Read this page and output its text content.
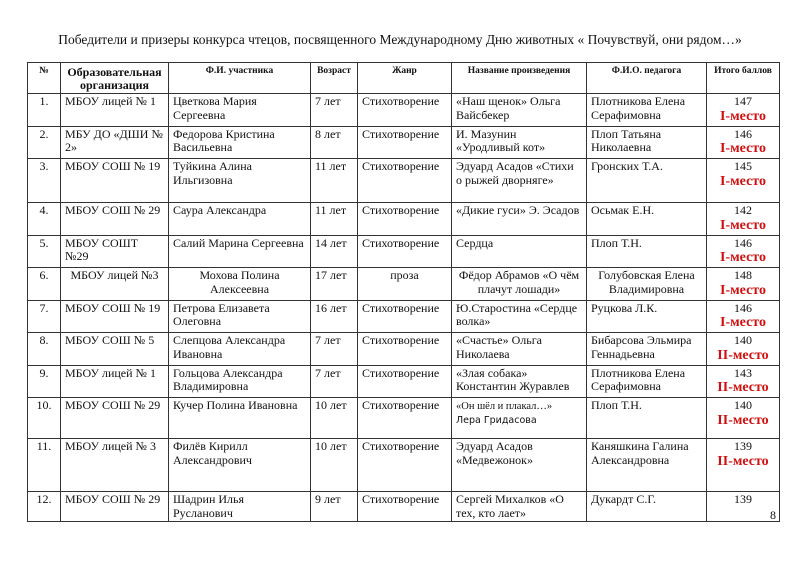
Победители и призеры конкурса чтецов, посвященного Международному Дню животных « Почувствуй, они рядом…»
№	Образовательная организация	Ф.И. участника	Возраст	Жанр	Название произведения	Ф.И.О. педагога	Итого баллов
1.	МБОУ лицей № 1	Цветкова Мария Сергеевна	7 лет	Стихотворение	«Наш щенок» Ольга Вайсбекер	Плотникова Елена Серафимовна	147
I-место

2.	МБУ ДО «ДШИ № 2»	Федорова Кристина Васильевна	8 лет	Стихотворение	И. Мазунин «Уродливый кот»	Плоп Татьяна Николаевна	146
I-место

3.	МБОУ СОШ № 19	Туйкина Алина Ильгизовна	11 лет	Стихотворение	Эдуард Асадов «Стихи о рыжей дворняге»	Гронских Т.А.	145
I-место

4.	МБОУ СОШ № 29	Саура Александра	11 лет	Стихотворение	«Дикие гуси» Э. Эсадов	Осьмак Е.Н.	142
I-место

5.	МБОУ СОШТ №29	Салий Марина Сергеевна	14 лет	Стихотворение	Сердца	Плоп Т.Н.	146
I-место

6.	МБОУ лицей №3	Мохова Полина Алексеевна	17 лет	проза	Фёдор Абрамов «О чём плачут лошади»	Голубовская Елена Владимировна	148
I-место

7.	МБОУ СОШ № 19	Петрова Елизавета Олеговна	16 лет	Стихотворение	Ю.Старостина «Сердце волка»	Руцкова Л.К.	146
I-место

8.	МБОУ СОШ № 5	Слепцова Александра Ивановна	7 лет	Стихотворение	«Счастье» Ольга Николаева	Бибарсова Эльмира Геннадьевна	140
II-место

9.	МБОУ лицей № 1	Гольцова Александра Владимировна	7 лет	Стихотворение	«Злая собака» Константин Журавлев	Плотникова Елена Серафимовна	143
II-место

10.	МБОУ СОШ № 29	Кучер Полина Ивановна	10 лет	Стихотворение	«Он шёл и плакал…»
Лера Гридасова	Плоп Т.Н.	140
II-место

11.	МБОУ лицей № 3	Филёв Кирилл Александрович	10 лет	Стихотворение	Эдуард Асадов «Медвежонок»	Каняшкина Галина Александровна	139
II-место

12.	МБОУ СОШ № 29	Шадрин Илья Русланович	9 лет	Стихотворение	Сергей Михалков «О тех, кто лает»	Дукардт С.Г.	139
8
